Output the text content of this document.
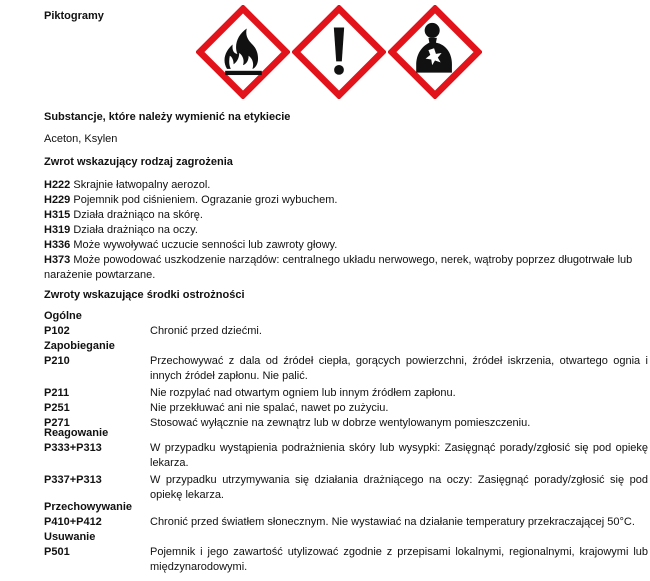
Piktogramy
Substancje, które należy wymienić na etykiecie
Aceton, Ksylen
Zwrot wskazujący rodzaj zagrożenia

H222 Skrajnie łatwopalny aerozol.

H229 Pojemnik pod ciśnieniem. Ograzanie grozi wybuchem.

H315 Działa drażniąco na skórę.

H319 Działa drażniąco na oczy.

H336 Może wywoływać uczucie senności lub zawroty głowy.

H373 Może powodować uszkodzenie narządów: centralnego układu nerwowego, nerek, wątroby poprzez długotrwałe lub

narażenie powtarzane.

Zwroty wskazujące środki ostrożności
Ogólne
P102	Chronić przed dziećmi.
Zapobieganie
P210	Przechowywać z dala od źródeł ciepła, gorących powierzchni, źródeł iskrzenia, otwartego ognia i innych źródeł zapłonu. Nie palić.
P211	Nie rozpylać nad otwartym ogniem lub innym źródłem zapłonu.
P251	Nie przekłuwać ani nie spalać, nawet po zużyciu.
P271	Stosować wyłącznie na zewnątrz lub w dobrze wentylowanym pomieszczeniu.
Reagowanie
P333+P313	W przypadku wystąpienia podrażnienia skóry lub wysypki: Zasięgnąć porady/zgłosić się pod opiekę lekarza.
P337+P313	W przypadku utrzymywania się działania drażniącego na oczy: Zasięgnąć porady/zgłosić się pod opiekę lekarza.
Przechowywanie
P410+P412	Chronić przed światłem słonecznym. Nie wystawiać na działanie temperatury przekraczającej 50°C.
Usuwanie
P501	Pojemnik i jego zawartość utylizować zgodnie z przepisami lokalnymi, regionalnymi, krajowymi lub międzynarodowymi.
